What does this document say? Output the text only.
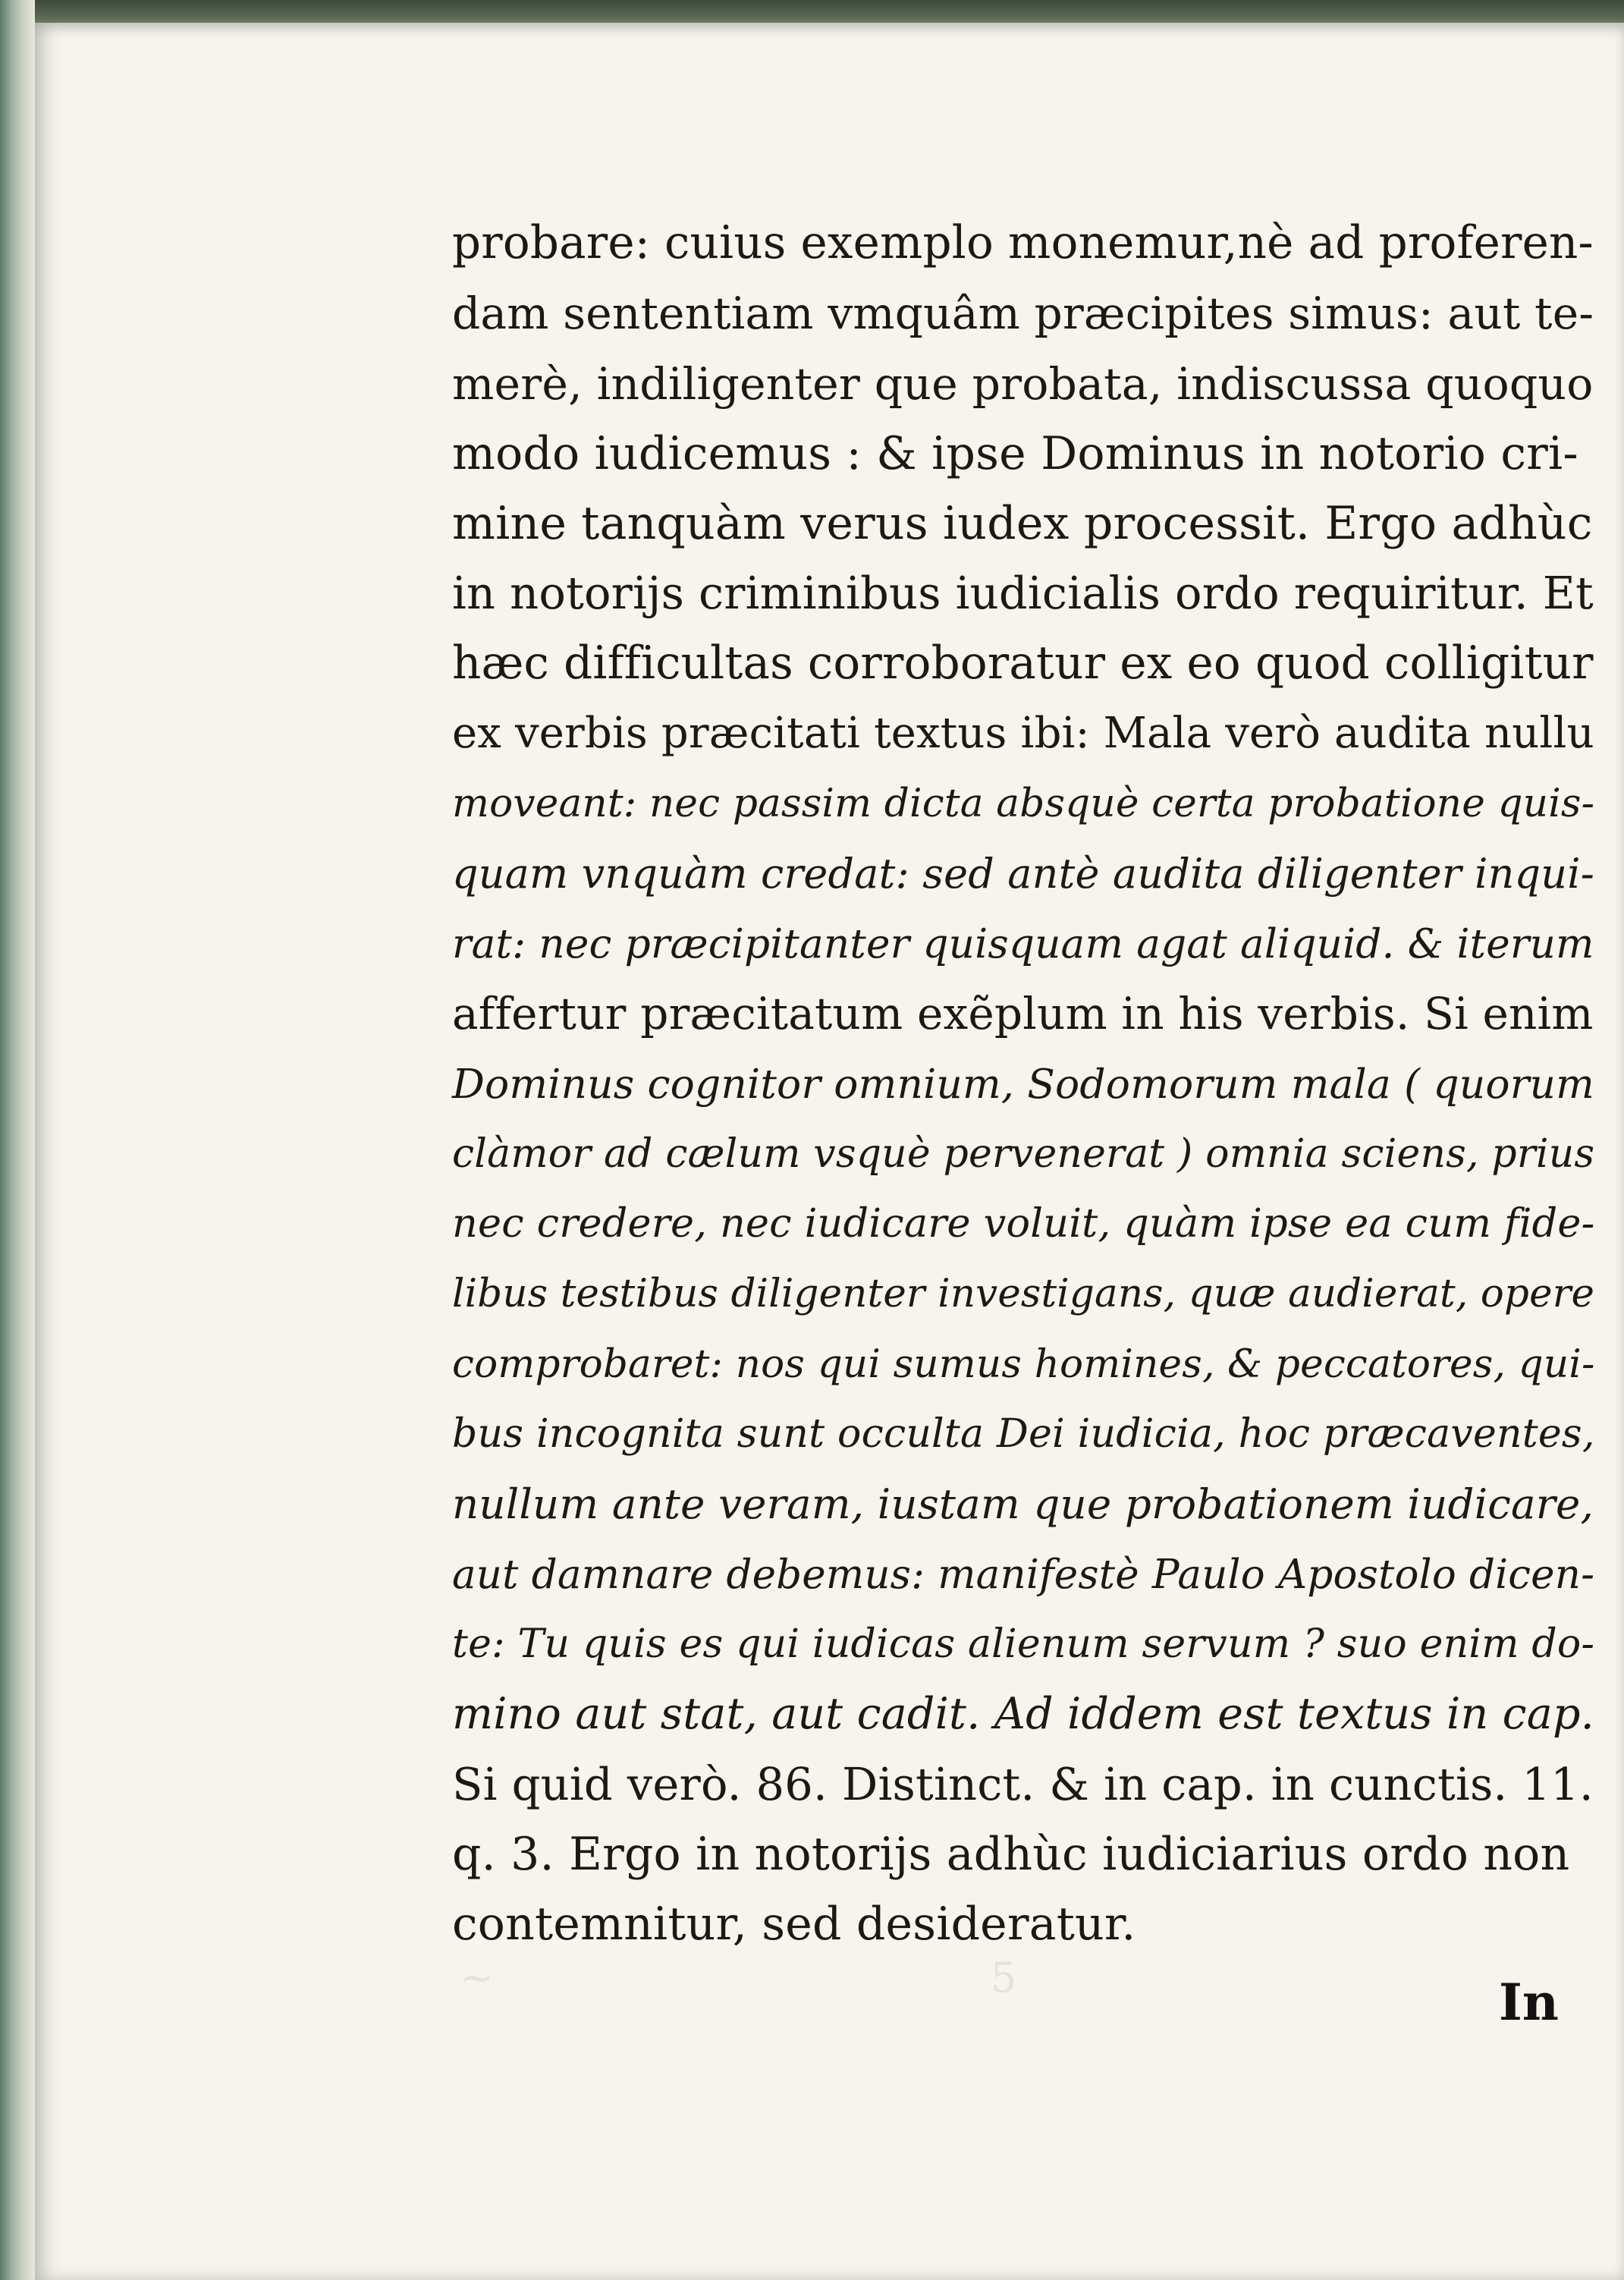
~	5
probare: cuius exemplo monemur,nè ad proferen-
dam sententiam vmquâm præcipites simus: aut te-
merè, indiligenter que probata, indiscussa quoquo
modo iudicemus : & ipse Dominus in notorio cri-
mine tanquàm verus iudex processit. Ergo adhùc
in notorijs criminibus iudicialis ordo requiritur. Et
hæc difficultas corroboratur ex eo quod colligitur
ex verbis præcitati textus ibi: Mala verò audita nullu
moveant: nec passim dicta absquè certa probatione quis-
quam vnquàm credat: sed antè audita diligenter inqui-
rat: nec præcipitanter quisquam agat aliquid. & iterum
affertur præcitatum exẽplum in his verbis. Si enim
Dominus cognitor omnium, Sodomorum mala ( quorum
clàmor ad cælum vsquè pervenerat ) omnia sciens, prius
nec credere, nec iudicare voluit, quàm ipse ea cum fide-
libus testibus diligenter investigans, quæ audierat, opere
comprobaret: nos qui sumus homines, & peccatores, qui-
bus incognita sunt occulta Dei iudicia, hoc præcaventes,
nullum ante veram, iustam que probationem iudicare,
aut damnare debemus: manifestè Paulo Apostolo dicen-
te: Tu quis es qui iudicas alienum servum ? suo enim do-
mino aut stat, aut cadit. Ad iddem est textus in cap.
Si quid verò. 86. Distinct. & in cap. in cunctis. 11.
q. 3. Ergo in notorijs adhùc iudiciarius ordo non
contemnitur, sed desideratur.
In
